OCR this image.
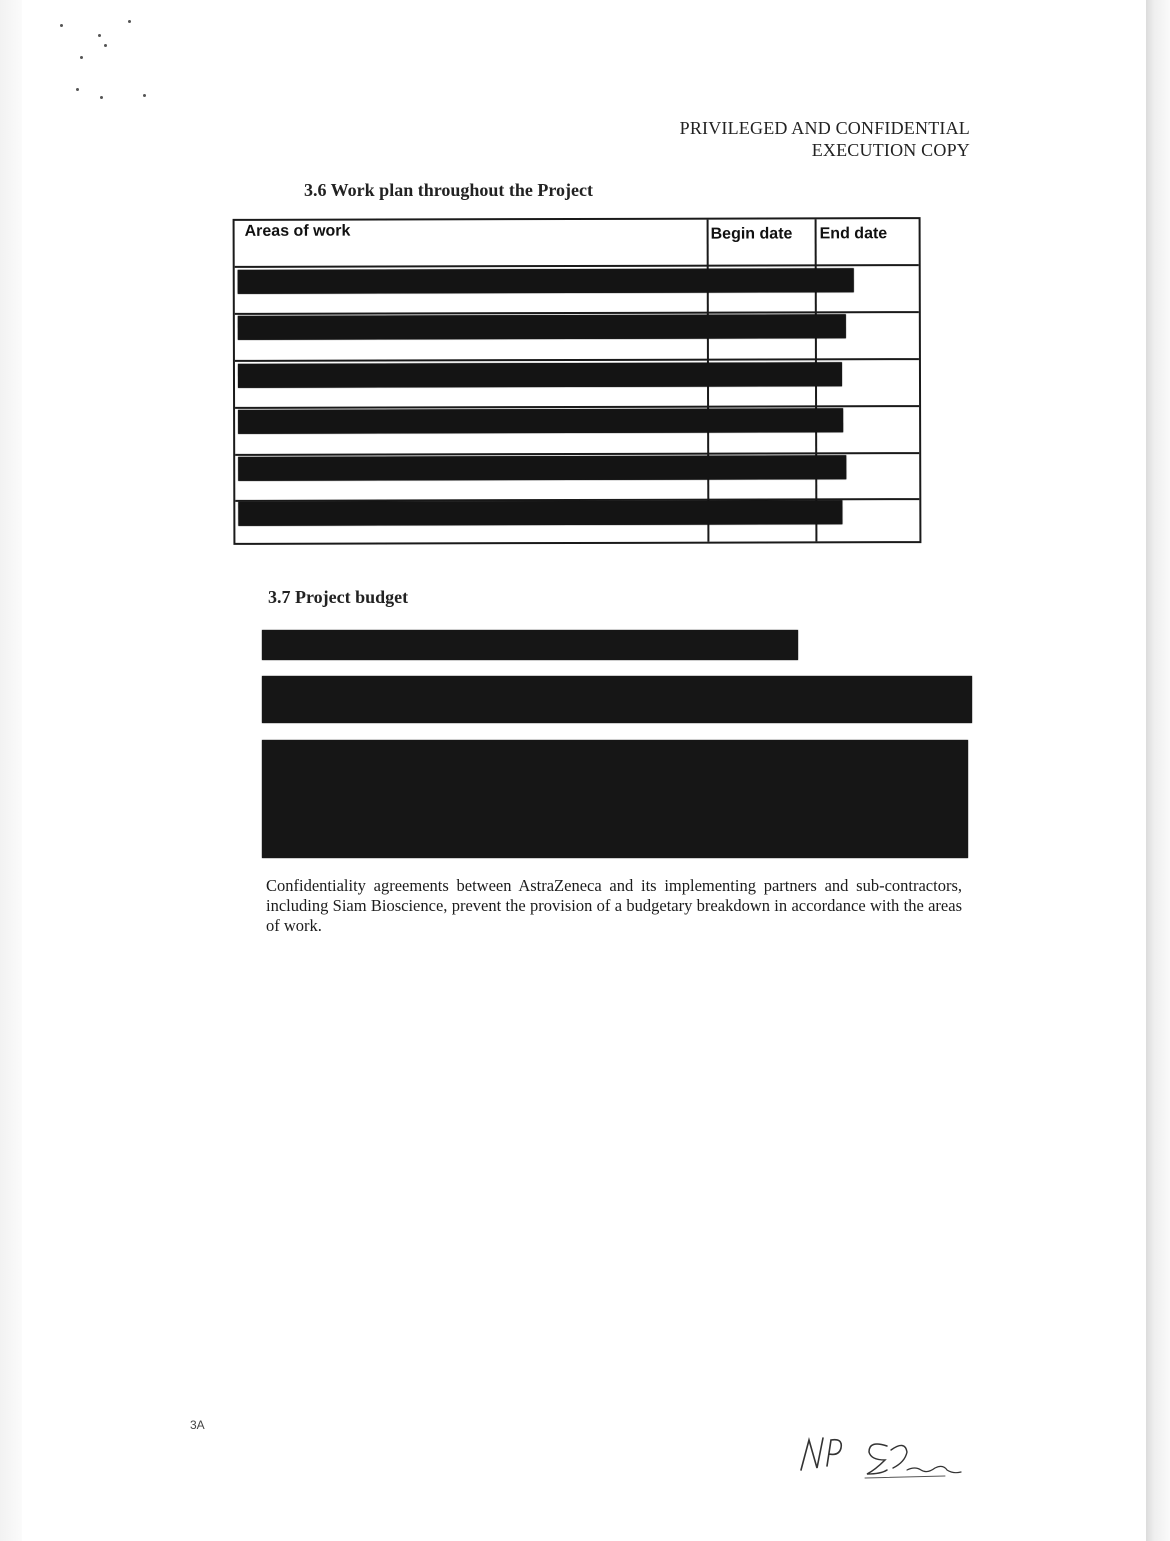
PRIVILEGED AND CONFIDENTIAL
EXECUTION COPY
3.6 Work plan throughout the Project
Areas of work	Begin date End date
3.7 Project budget
Confidentiality agreements between AstraZeneca and its implementing partners and sub-contractors, including Siam Bioscience, prevent the provision of a budgetary breakdown in accordance with the areas of work.
3A
